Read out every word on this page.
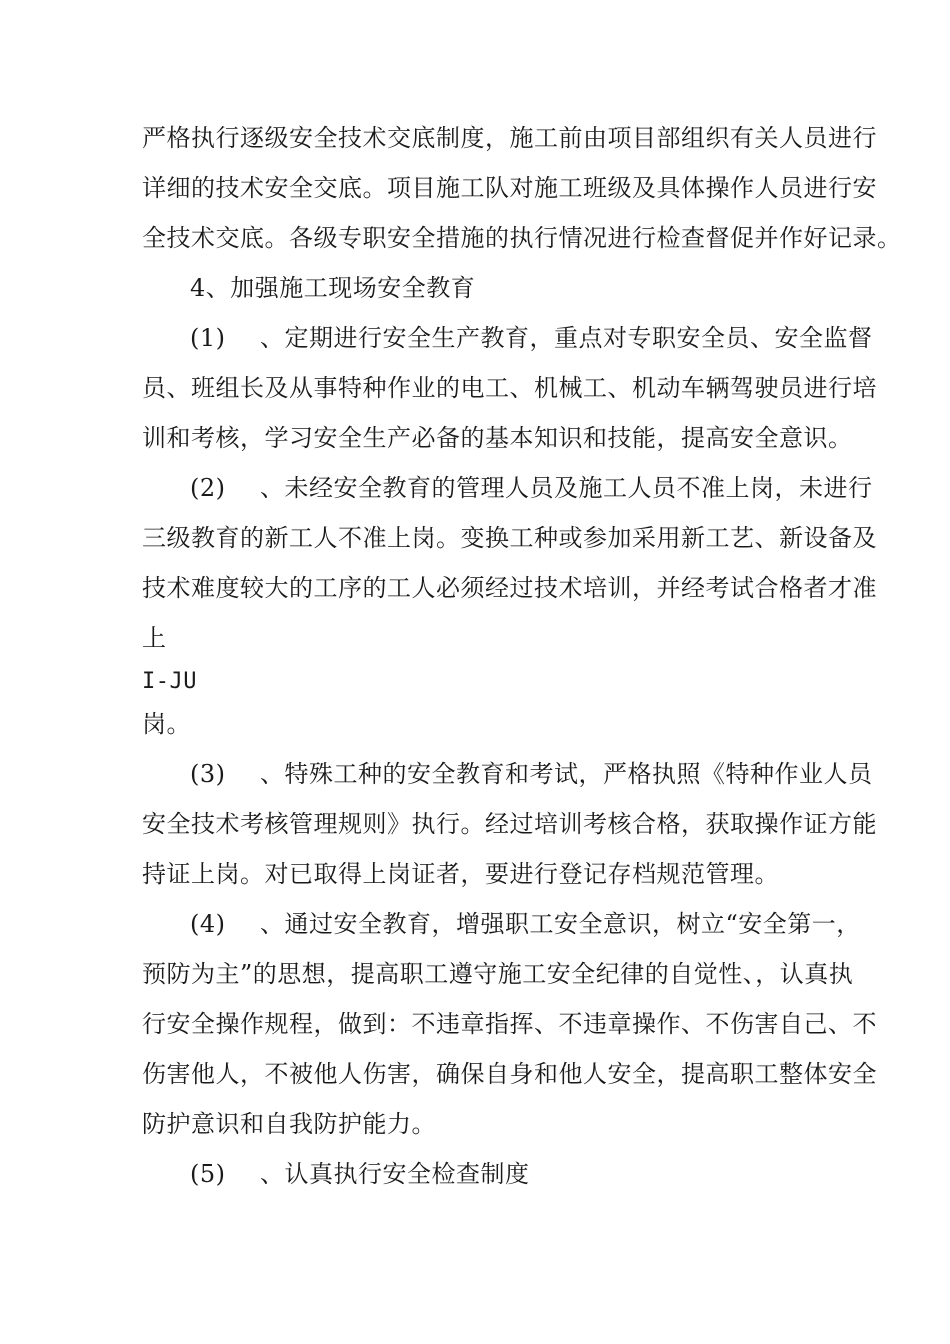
严格执行逐级安全技术交底制度，施工前由项目部组织有关人员进行
详细的技术安全交底。项目施工队对施工班级及具体操作人员进行安
全技术交底。各级专职安全措施的执行情况进行检查督促并作好记录。
4、加强施工现场安全教育
(1) 、定期进行安全生产教育，重点对专职安全员、安全监督
员、班组长及从事特种作业的电工、机械工、机动车辆驾驶员进行培
训和考核，学习安全生产必备的基本知识和技能，提高安全意识。
(2) 、未经安全教育的管理人员及施工人员不准上岗，未进行
三级教育的新工人不准上岗。变换工种或参加采用新工艺、新设备及
技术难度较大的工序的工人必须经过技术培训，并经考试合格者才准
上
I-JU
岗。
(3) 、特殊工种的安全教育和考试，严格执照《特种作业人员
安全技术考核管理规则》执行。经过培训考核合格，获取操作证方能
持证上岗。对已取得上岗证者，要进行登记存档规范管理。
(4) 、通过安全教育，增强职工安全意识，树立“安全第一，
预防为主”的思想，提高职工遵守施工安全纪律的自觉性、，认真执
行安全操作规程，做到：不违章指挥、不违章操作、不伤害自己、不
伤害他人，不被他人伤害，确保自身和他人安全，提高职工整体安全
防护意识和自我防护能力。
(5) 、认真执行安全检查制度
